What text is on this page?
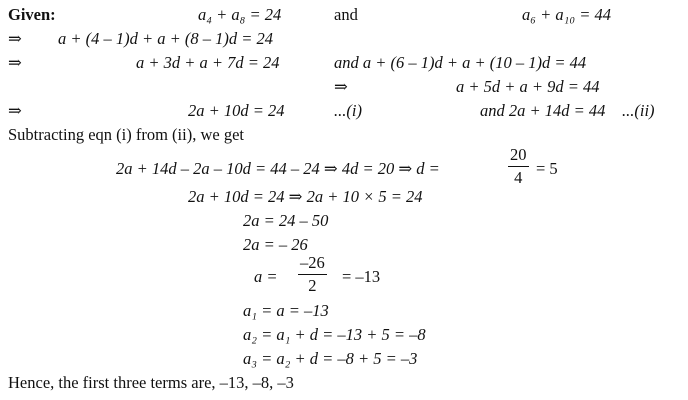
Given:	a₄ + a₈ = 24	and	a₆ + a₁₀ = 44
⇒ a + (4 – 1)d + a + (8 – 1)d = 24
⇒	a + 3d + a + 7d = 24	and a + (6 – 1)d + a + (10 – 1)d = 44
⇒	a + 5d + a + 9d = 44
⇒	2a + 10d = 24	...(i)	and 2a + 14d = 44 ...(ii)
Subtracting eqn (i) from (ii), we get
2a + 14d – 2a – 10d = 44 – 24 ⇒ 4d = 20 ⇒ d =
20
4 = 5
2a + 10d = 24 ⇒ 2a + 10 × 5 = 24
2a = 24 – 50
2a = – 26
a =
–26
2	= –13
a₁ = a = –13
a₂ = a₁ + d = –13 + 5 = –8
a₃ = a₂ + d = –8 + 5 = –3
Hence, the first three terms are, –13, –8, –3
